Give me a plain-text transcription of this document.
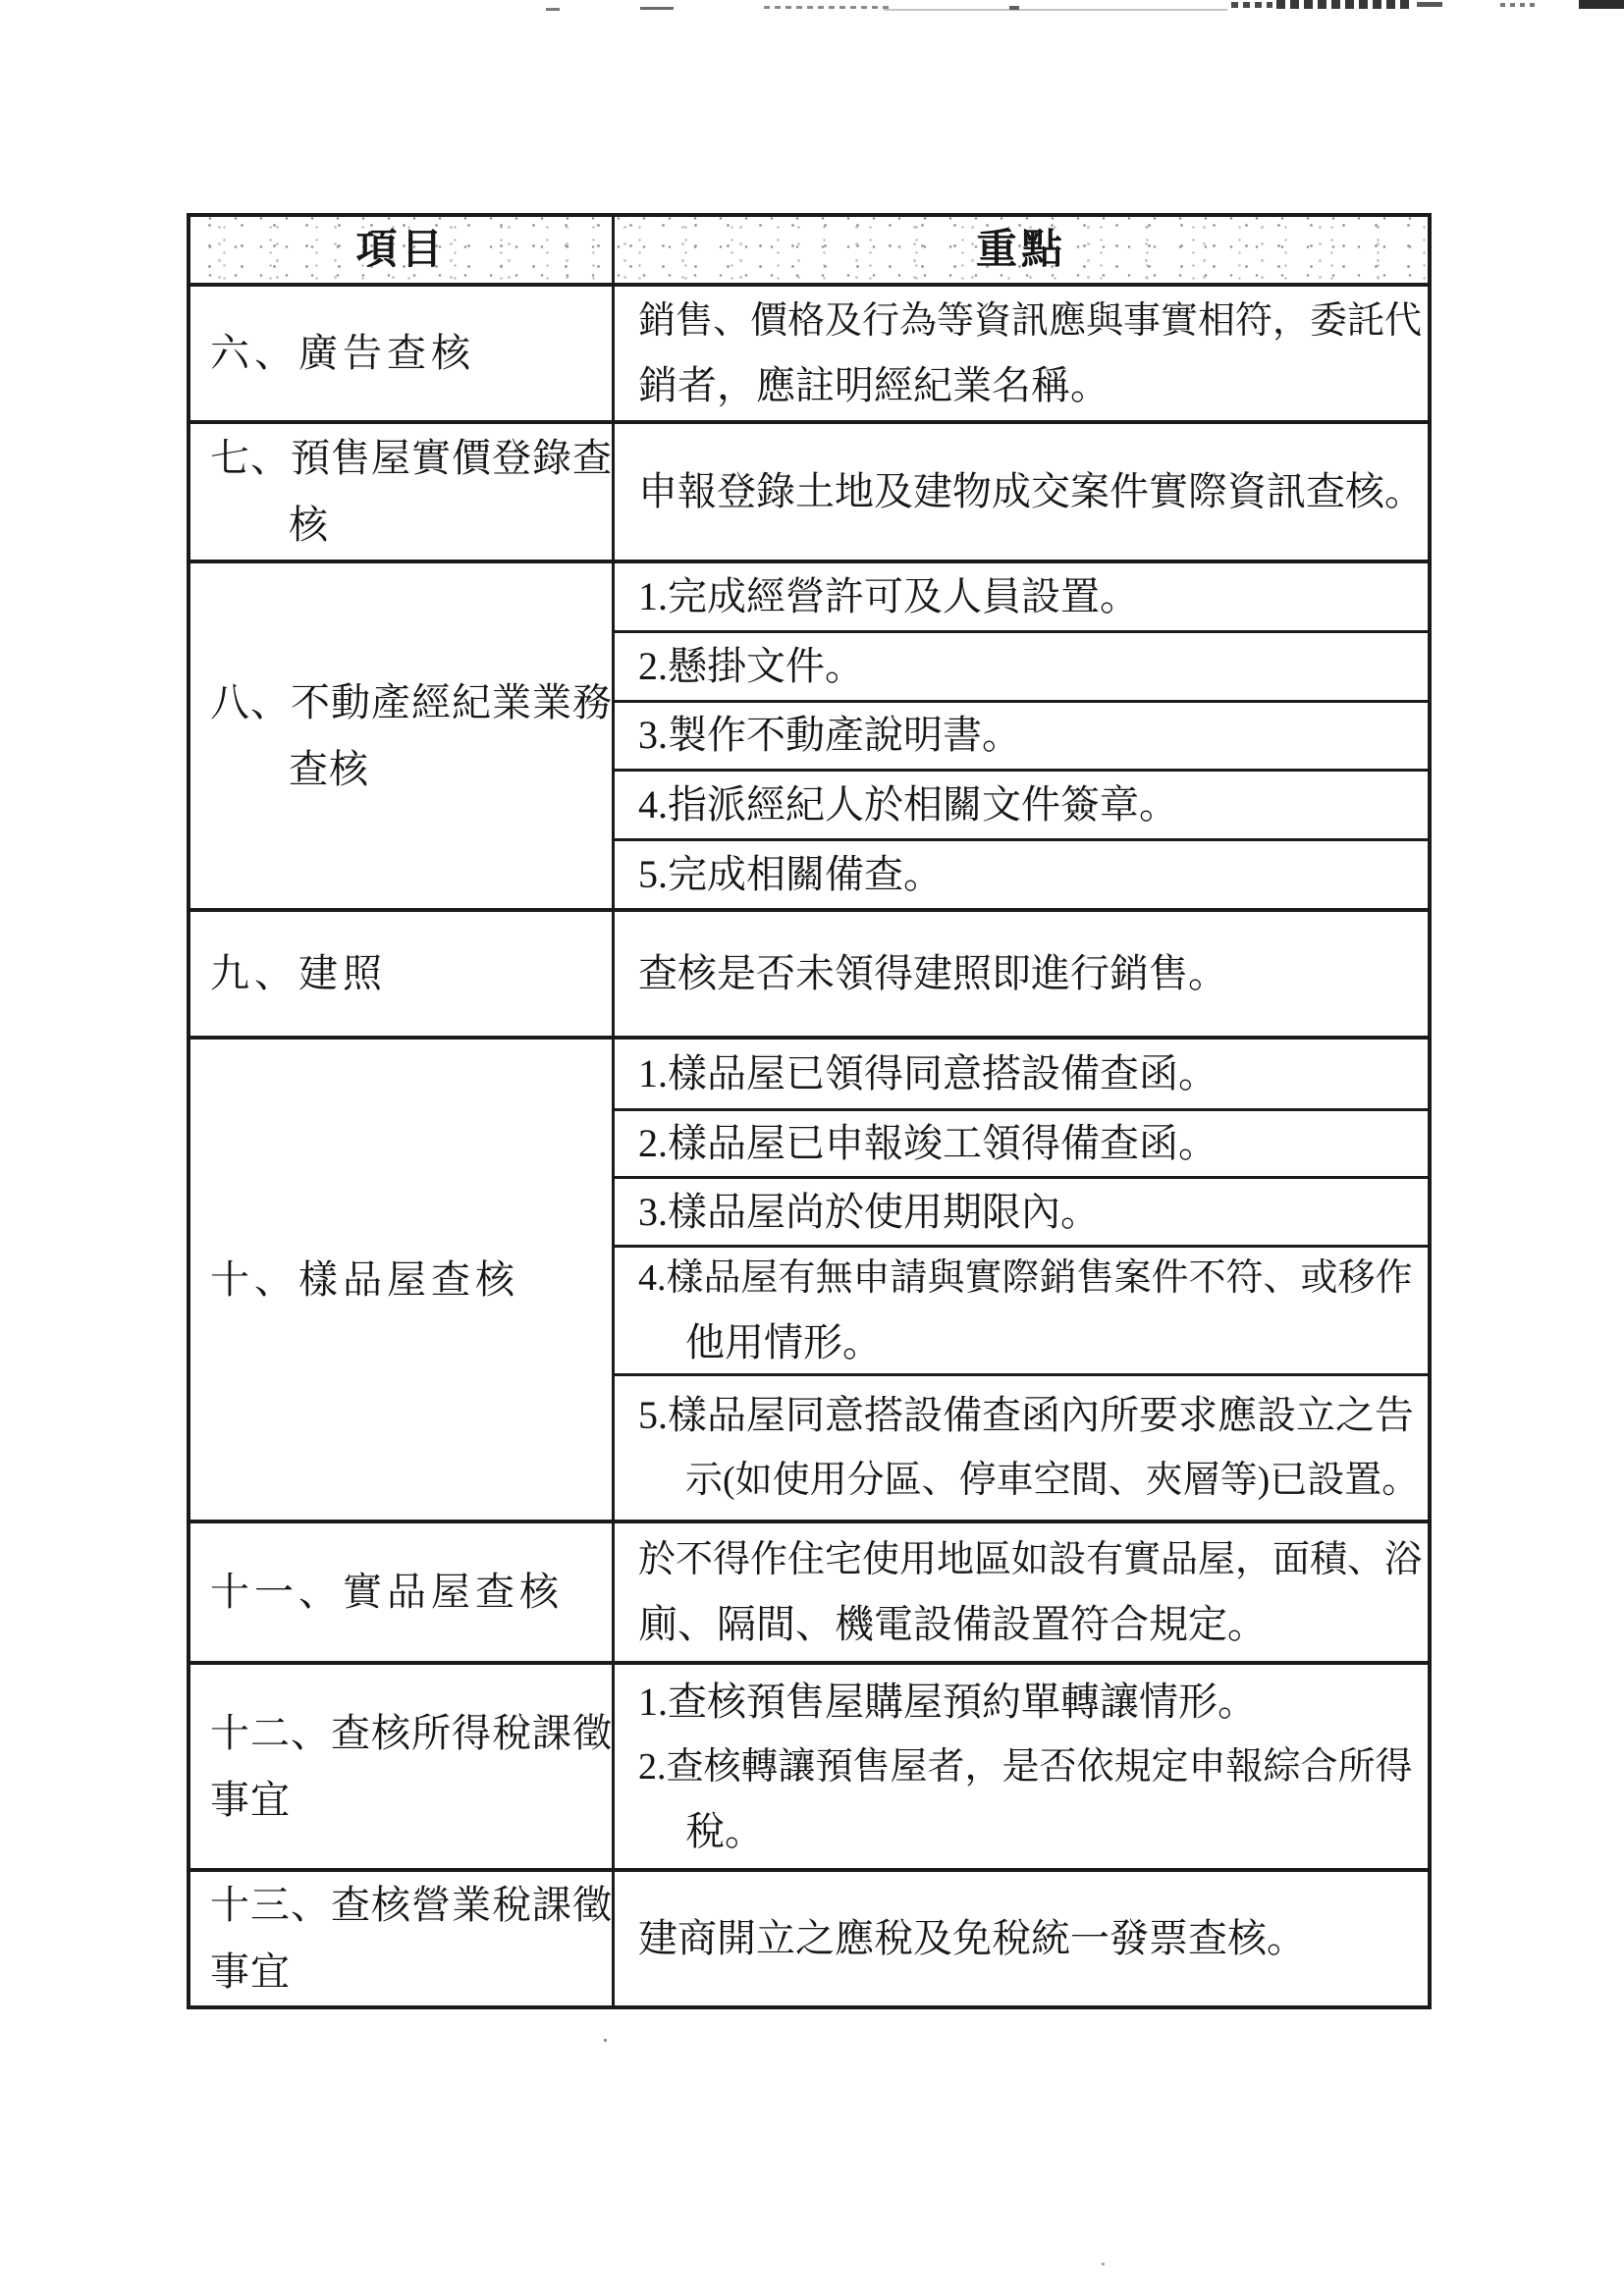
項目	重點
六、廣告查核
銷售、價格及行為等資訊應與事實相符，委託代
銷者，應註明經紀業名稱。
七、預售屋實價登錄查
核
申報登錄土地及建物成交案件實際資訊查核。
八、不動產經紀業業務
查核
1.完成經營許可及人員設置。
2.懸掛文件。
3.製作不動產說明書。
4.指派經紀人於相關文件簽章。
5.完成相關備查。
九、建照	查核是否未領得建照即進行銷售。
十、樣品屋查核
1.樣品屋已領得同意搭設備查函。
2.樣品屋已申報竣工領得備查函。
3.樣品屋尚於使用期限內。
4.樣品屋有無申請與實際銷售案件不符、或移作
他用情形。
5.樣品屋同意搭設備查函內所要求應設立之告
示(如使用分區、停車空間、夾層等)已設置。
十一、實品屋查核
於不得作住宅使用地區如設有實品屋，面積、浴
廁、隔間、機電設備設置符合規定。
十二、查核所得稅課徵
事宜
1.查核預售屋購屋預約單轉讓情形。
2.查核轉讓預售屋者，是否依規定申報綜合所得
稅。
十三、查核營業稅課徵
事宜
建商開立之應稅及免稅統一發票查核。
